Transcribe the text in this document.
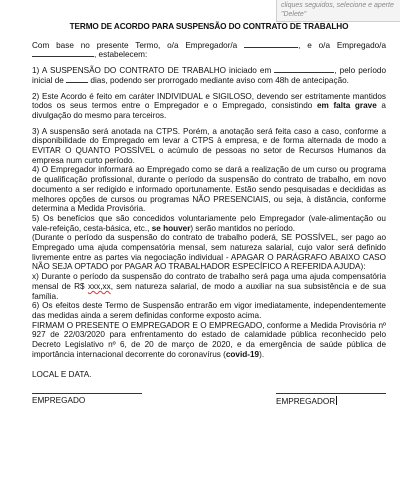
cliques seguidos, selecione e aperte "Delete"
TERMO DE ACORDO PARA SUSPENSÃO DO CONTRATO DE TRABALHO

Com base no presente Termo, o/a Empregador/a	, e o/a Empregado/a , estabelecem:

1) A SUSPENSÃO DO CONTRATO DE TRABALHO iniciado em	, pelo período inicial de	dias, podendo ser prorrogado mediante aviso com 48h de antecipação.

2) Este Acordo é feito em caráter INDIVIDUAL e SIGILOSO, devendo ser estritamente mantidos todos os seus termos entre o Empregador e o Empregado, consistindo em falta grave a divulgação do mesmo para terceiros.

3) A suspensão será anotada na CTPS. Porém, a anotação será feita caso a caso, conforme a disponibilidade do Empregado em levar a CTPS à empresa, e de forma alternada de modo a EVITAR O QUANTO POSSÍVEL o acúmulo de pessoas no setor de Recursos Humanos da empresa num curto período.

4) O Empregador informará ao Empregado como se dará a realização de um curso ou programa de qualificação profissional, durante o período da suspensão do contrato de trabalho, em novo documento a ser redigido e informado oportunamente. Estão sendo pesquisadas e decididas as melhores opções de cursos ou programas NÃO PRESENCIAIS, ou seja, à distância, conforme determina a Medida Provisória.

5) Os benefícios que são concedidos voluntariamente pelo Empregador (vale-alimentação ou vale-refeição, cesta-básica, etc., se houver) serão mantidos no período.

(Durante o período da suspensão do contrato de trabalho poderá, SE POSSÍVEL, ser pago ao Empregado uma ajuda compensatória mensal, sem natureza salarial, cujo valor será definido livremente entre as partes via negociação individual - APAGAR O PARÁGRAFO ABAIXO CASO NÃO SEJA OPTADO por PAGAR AO TRABALHADOR ESPECÍFICO A REFERIDA AJUDA):

x) Durante o período da suspensão do contrato de trabalho será paga uma ajuda compensatória mensal de R$ xxx,xx, sem natureza salarial, de modo a auxiliar na sua subsistência e de sua família.

6) Os efeitos deste Termo de Suspensão entrarão em vigor imediatamente, independentemente das medidas ainda a serem definidas conforme exposto acima.

FIRMAM O PRESENTE O EMPREGADOR E O EMPREGADO, conforme a Medida Provisória nº 927 de 22/03/2020 para enfrentamento do estado de calamidade pública reconhecido pelo Decreto Legislativo nº 6, de 20 de março de 2020, e da emergência de saúde pública de importância internacional decorrente do coronavírus (covid-19).

LOCAL E DATA.

EMPREGADO	EMPREGADOR
